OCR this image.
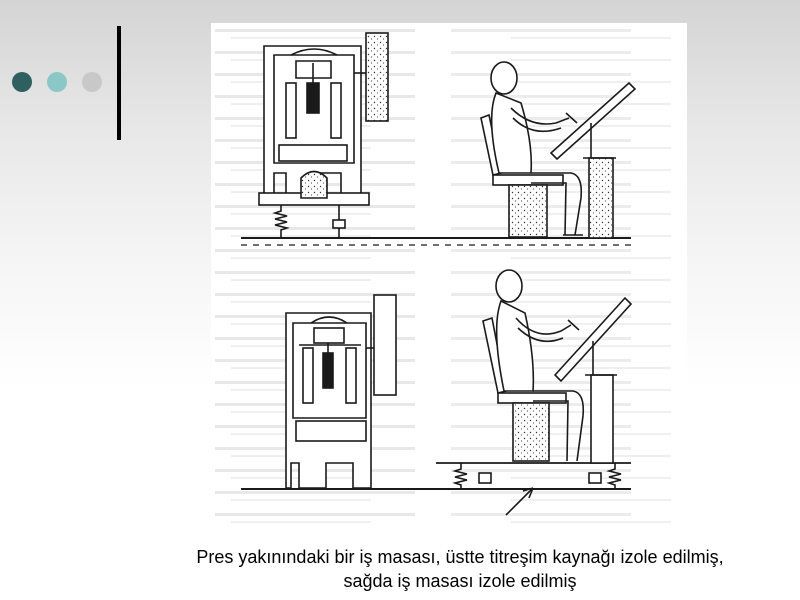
Pres yakınındaki bir iş masası, üstte titreşim kaynağı izole edilmiş,
sağda iş masası izole edilmiş
